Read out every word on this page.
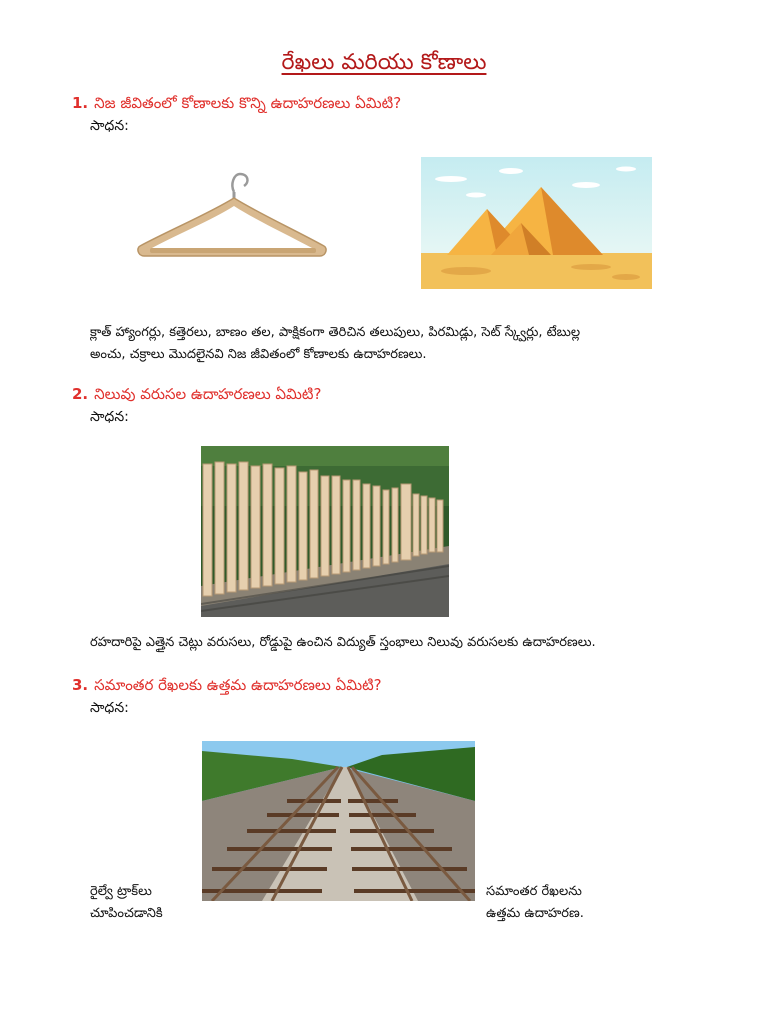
రేఖలు మరియు కోణాలు
1. నిజ జీవితంలో కోణాలకు కొన్ని ఉదాహరణలు ఏమిటి?
సాధన:
క్లాత్ హ్యాంగర్లు, కత్తెరలు, బాణం తల, పాక్షికంగా తెరిచిన తలుపులు, పిరమిడ్లు, సెట్ స్క్వేర్లు, టేబుల్ల
అంచు, చక్రాలు మొదలైనవి నిజ జీవితంలో కోణాలకు ఉదాహరణలు.
2. నిలువు వరుసల ఉదాహరణలు ఏమిటి?
సాధన:
రహదారిపై ఎత్తైన చెట్లు వరుసలు, రోడ్డుపై ఉంచిన విద్యుత్ స్తంభాలు నిలువు వరుసలకు ఉదాహరణలు.
3. సమాంతర రేఖలకు ఉత్తమ ఉదాహరణలు ఏమిటి?
సాధన:
రైల్వే ట్రాక్‌లు
చూపించడానికి
సమాంతర రేఖలను
ఉత్తమ ఉదాహరణ.
